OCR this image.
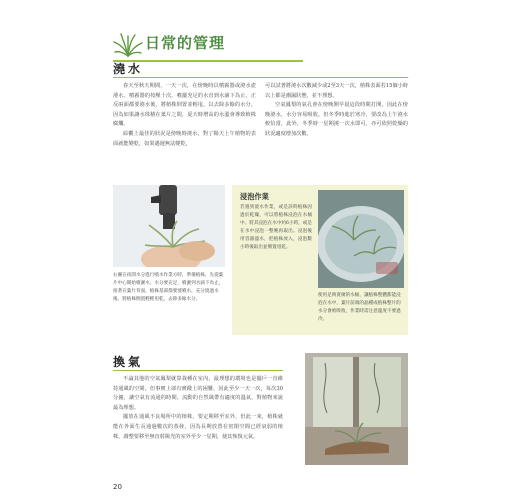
日常的管理
澆水

春天至秋天期間，一天一次，在傍晚時以噴霧器或澆水壺澆水。噴霧器的按壓十次，噴灑充足的水直到水滴下為止。正反兩面都要澆水後，將植株倒置並輕甩，以去除多餘的水分。因為如果讓水珠積在葉片之間，夏天時增高的水溫會導致植株腐爛。

綜觀上最佳的狀況是傍晚時澆水，對了陽天上午植物的表面就能變乾，如果邁遲無法變乾，

可以試著將澆水次數減少或2至3天一次，植株表面若15個小時以上都是潮濕狀態，並不理想。

空氣鳳梨的氣孔會在傍晚開早晨這段時間打開，因此在傍晚澆水，水分容易吸收。但冬季時進於寒冷，要改為上午澆水較恰當，此外，冬季時一星期澆一次水即可，亦可依照乾燥的狀況適度增加次數。

右圖在夜間水分進行噴水作業方時，準備植株，先從葉片中心開始噴灑水，水分要充足，噴灑到水滴下為止，接著在葉片背面，植株基部都要澆噴水，充分澆過水後，將植株倒置輕輕甩乾，去除多餘水分。
浸泡作業
若遇到澆水作業，或是該時植株因過於乾燥，可以將植株浸泡在水桶中。將其浸泡在水中約6小時，或是在水中浸泡一整晚再取出。浸泡後用容器盛水，把植株放入，浸泡數小時後取出並倒置甩乾。
使用足夠寬廣的水桶，讓植株整體都能浸泡在水中，葉片前端的晶種成植株整片的水分會被吸收，作業時需注意溫度不要過冷。
換氣

不論其他的空氣鳳梨就算栽種在室內，最理想的環境也是擺戶一直維持通風的空間，但事實上卻有實踐上的困難，因此至少一天一次，每次30分鐘，讓空氣有流通的時間。流動的自然風帶有適度的溫氣，對植物來說最為理想。

擺放在通風不良場所中的植株，要定期移至室外，但此一來，植株就能在外面生長通過數次的蒸發，因為長期放置在密閉空間已經衰弱的植株，調整要移至無直射陽光的室外至少一星期，使其恢復元氣。

20
